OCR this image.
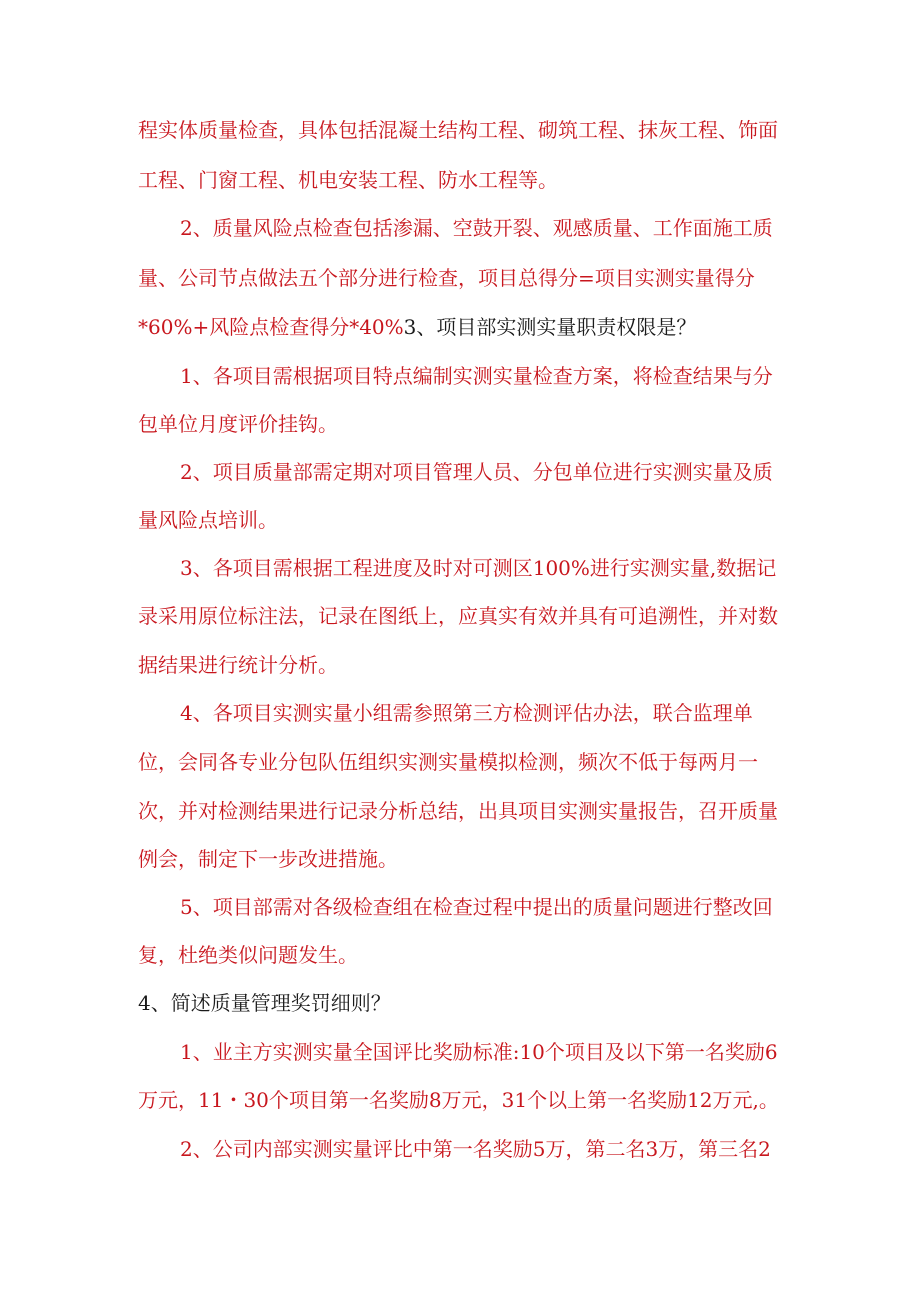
程实体质量检查，具体包括混凝土结构工程、砌筑工程、抹灰工程、饰面
工程、门窗工程、机电安装工程、防水工程等。
2、质量风险点检查包括渗漏、空鼓开裂、观感质量、工作面施工质
量、公司节点做法五个部分进行检查，项目总得分=项目实测实量得分
*60%+风险点检查得分*40%3、项目部实测实量职责权限是？
1、各项目需根据项目特点编制实测实量检查方案，将检查结果与分
包单位月度评价挂钩。
2、项目质量部需定期对项目管理人员、分包单位进行实测实量及质
量风险点培训。
3、各项目需根据工程进度及时对可测区100%进行实测实量,数据记
录采用原位标注法，记录在图纸上，应真实有效并具有可追溯性，并对数
据结果进行统计分析。
4、各项目实测实量小组需参照第三方检测评估办法，联合监理单
位，会同各专业分包队伍组织实测实量模拟检测，频次不低于每两月一
次，并对检测结果进行记录分析总结，出具项目实测实量报告，召开质量
例会，制定下一步改进措施。
5、项目部需对各级检查组在检查过程中提出的质量问题进行整改回
复，杜绝类似问题发生。
4、简述质量管理奖罚细则？
1、业主方实测实量全国评比奖励标准:10个项目及以下第一名奖励6
万元，11・30个项目第一名奖励8万元，31个以上第一名奖励12万元,。
2、公司内部实测实量评比中第一名奖励5万，第二名3万，第三名2
